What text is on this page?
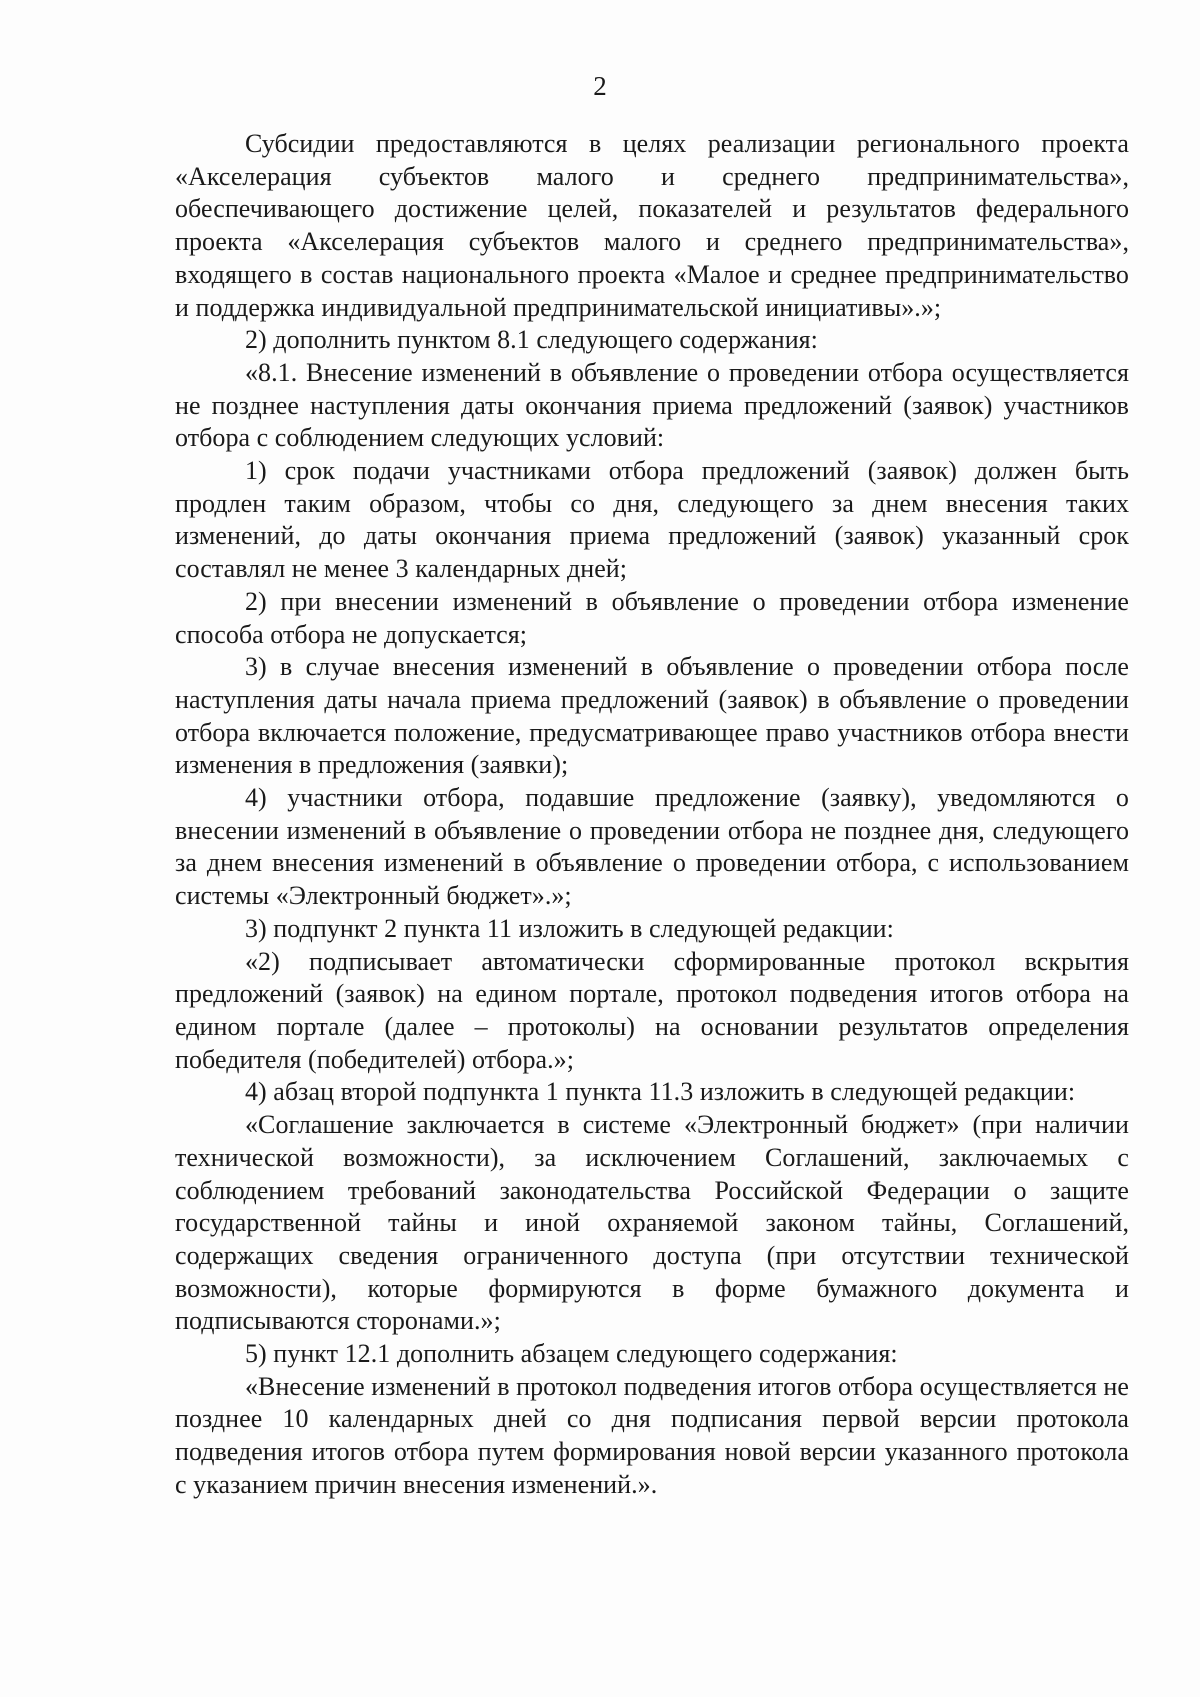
2

Субсидии предоставляются в целях реализации регионального проекта «Акселерация субъектов малого и среднего предпринимательства», обеспечивающего достижение целей, показателей и результатов федерального проекта «Акселерация субъектов малого и среднего предпринимательства», входящего в состав национального проекта «Малое и среднее предпринимательство и поддержка индивидуальной предпринимательской инициативы».»;

2) дополнить пунктом 8.1 следующего содержания:

«8.1. Внесение изменений в объявление о проведении отбора осуществляется не позднее наступления даты окончания приема предложений (заявок) участников отбора с соблюдением следующих условий:

1) срок подачи участниками отбора предложений (заявок) должен быть продлен таким образом, чтобы со дня, следующего за днем внесения таких изменений, до даты окончания приема предложений (заявок) указанный срок составлял не менее 3 календарных дней;

2) при внесении изменений в объявление о проведении отбора изменение способа отбора не допускается;

3) в случае внесения изменений в объявление о проведении отбора после наступления даты начала приема предложений (заявок) в объявление о проведении отбора включается положение, предусматривающее право участников отбора внести изменения в предложения (заявки);

4) участники отбора, подавшие предложение (заявку), уведомляются о внесении изменений в объявление о проведении отбора не позднее дня, следующего за днем внесения изменений в объявление о проведении отбора, с использованием системы «Электронный бюджет».»;

3) подпункт 2 пункта 11 изложить в следующей редакции:

«2) подписывает автоматически сформированные протокол вскрытия предложений (заявок) на едином портале, протокол подведения итогов отбора на едином портале (далее – протоколы) на основании результатов определения победителя (победителей) отбора.»;

4) абзац второй подпункта 1 пункта 11.3 изложить в следующей редакции:

«Соглашение заключается в системе «Электронный бюджет» (при наличии технической возможности), за исключением Соглашений, заключаемых с соблюдением требований законодательства Российской Федерации о защите государственной тайны и иной охраняемой законом тайны, Соглашений, содержащих сведения ограниченного доступа (при отсутствии технической возможности), которые формируются в форме бумажного документа и подписываются сторонами.»;

5) пункт 12.1 дополнить абзацем следующего содержания:

«Внесение изменений в протокол подведения итогов отбора осуществляется не позднее 10 календарных дней со дня подписания первой версии протокола подведения итогов отбора путем формирования новой версии указанного протокола с указанием причин внесения изменений.».
